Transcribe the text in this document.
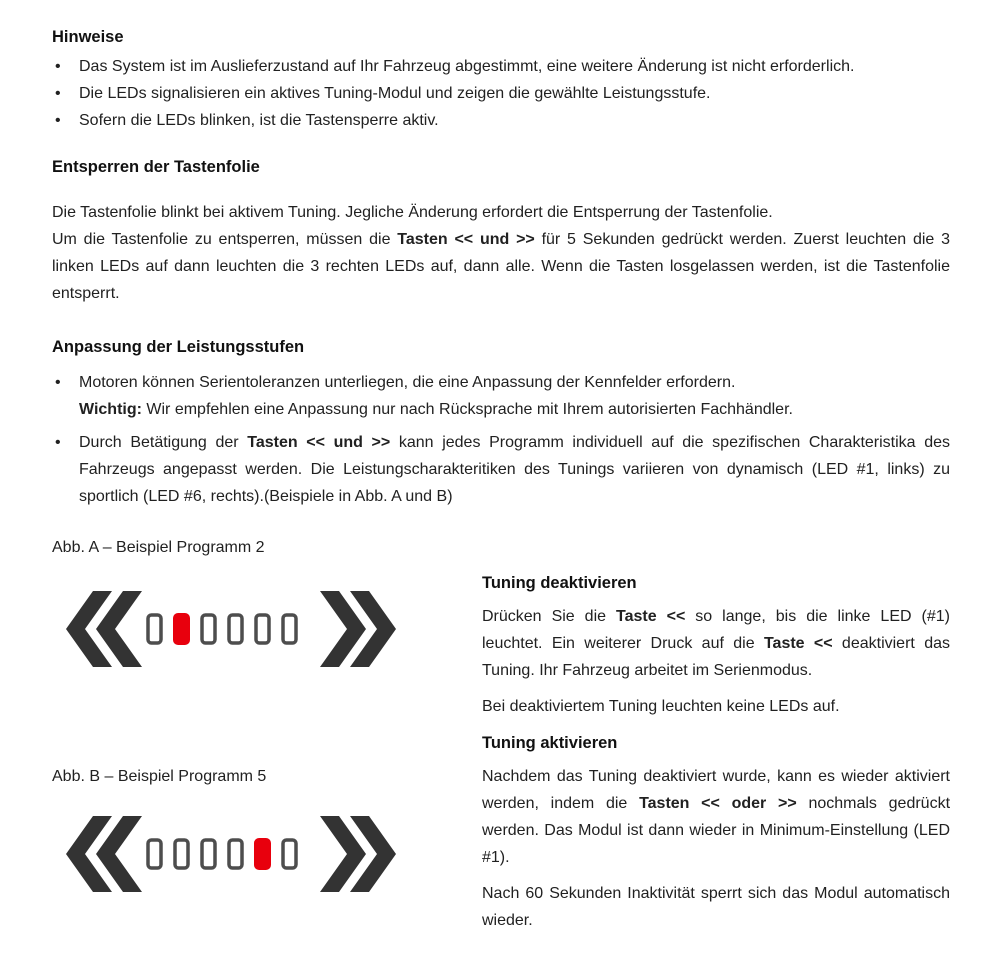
Hinweise
• Das System ist im Auslieferzustand auf Ihr Fahrzeug abgestimmt, eine weitere Änderung ist nicht erforderlich.
• Die LEDs signalisieren ein aktives Tuning-Modul und zeigen die gewählte Leistungsstufe.
• Sofern die LEDs blinken, ist die Tastensperre aktiv.
Entsperren der Tastenfolie
Die Tastenfolie blinkt bei aktivem Tuning. Jegliche Änderung erfordert die Entsperrung der Tastenfolie.
Um die Tastenfolie zu entsperren, müssen die Tasten << und >> für 5 Sekunden gedrückt werden. Zuerst leuchten die 3 linken LEDs auf dann leuchten die 3 rechten LEDs auf, dann alle. Wenn die Tasten losgelassen werden, ist die Tastenfolie entsperrt.
Anpassung der Leistungsstufen
• Motoren können Serientoleranzen unterliegen, die eine Anpassung der Kennfelder erfordern.
Wichtig: Wir empfehlen eine Anpassung nur nach Rücksprache mit Ihrem autorisierten Fachhändler.
• Durch Betätigung der Tasten << und >> kann jedes Programm individuell auf die spezifischen Charakteristika des Fahrzeugs angepasst werden. Die Leistungscharakteritiken des Tunings variieren von dynamisch (LED #1, links) zu sportlich (LED #6, rechts).(Beispiele in Abb. A und B)
Abb. A – Beispiel Programm 2
Abb. B – Beispiel Programm 5
Tuning deaktivieren

Drücken Sie die Taste << so lange, bis die linke LED (#1) leuchtet. Ein weiterer Druck auf die Taste << deaktiviert das Tuning. Ihr Fahrzeug arbeitet im Serienmodus.

Bei deaktiviertem Tuning leuchten keine LEDs auf.

Tuning aktivieren

Nachdem das Tuning deaktiviert wurde, kann es wieder aktiviert werden, indem die Tasten << oder >> nochmals gedrückt werden. Das Modul ist dann wieder in Minimum-Einstellung (LED #1).

Nach 60 Sekunden Inaktivität sperrt sich das Modul automatisch wieder.
